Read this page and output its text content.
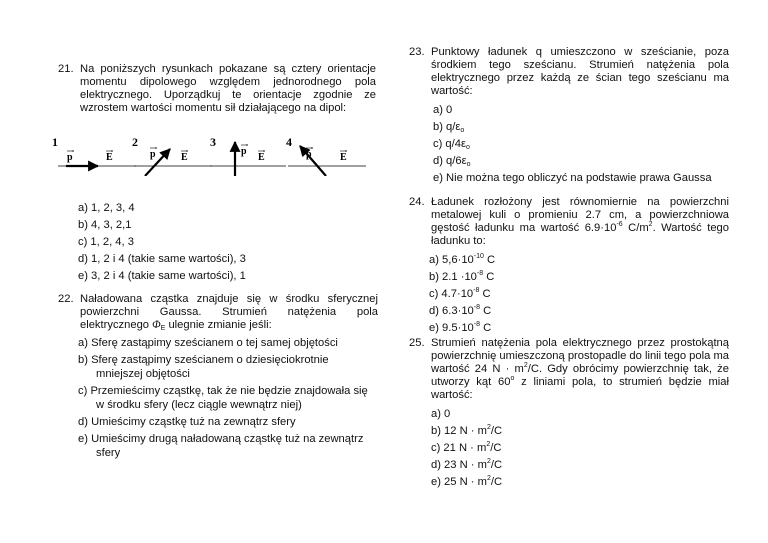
21. Na poniższych rysunkach pokazane są cztery orientacje momentu dipolowego względem jednorodnego pola elektrycznego. Uporządkuj te orientacje zgodnie ze wzrostem wartości momentu sił działającego na dipol:
1
p	E
2
p	E
3
p
E
4
p	E
a) 1, 2, 3, 4
b) 4, 3, 2,1
c) 1, 2, 4, 3
d) 1, 2 i 4 (takie same wartości), 3
e) 3, 2 i 4 (takie same wartości), 1
22. Naładowana cząstka znajduje się w środku sferycznej powierzchni Gaussa. Strumień natężenia pola elektrycznego $\Phi_E$ ulegnie zmianie jeśli:
a) Sferę zastąpimy sześcianem o tej samej objętości
b) Sferę zastąpimy sześcianem o dziesięciokrotnie
mniejszej objętości
c) Przemieścimy cząstkę, tak że nie będzie znajdowała się
w środku sfery (lecz ciągle wewnątrz niej)
d) Umieścimy cząstkę tuż na zewnątrz sfery
e) Umieścimy drugą naładowaną cząstkę tuż na zewnątrz
sfery
23. Punktowy ładunek q umieszczono w sześcianie, poza środkiem tego sześcianu. Strumień natężenia pola elektrycznego przez każdą ze ścian tego sześcianu ma wartość:
a) 0
b) $q/\varepsilon_o$
c) $q/4\varepsilon_o$
d) $q/6\varepsilon_o$
e) Nie można tego obliczyć na podstawie prawa Gaussa
24. Ładunek rozłożony jest równomiernie na powierzchni metalowej kuli o promieniu 2.7 cm, a powierzchniowa gęstość ładunku ma wartość $6.9\cdot 10^{-6}$ $C/m^2$. Wartość tego ładunku to:
a) $5,6\cdot 10^{-10}$ C
b) $2.1 \cdot 10^{-8}$ C
c) $4.7\cdot 10^{-8}$ C
d) $6.3\cdot 10^{-8}$ C
e) $9.5\cdot 10^{-8}$ C
25. Strumień natężenia pola elektrycznego przez prostokątną powierzchnię umieszczoną prostopadle do linii tego pola ma wartość 24 $N \cdot m^2/C$. Gdy obrócimy powierzchnię tak, że utworzy kąt 60$^o$ z liniami pola, to strumień będzie miał wartość:
a) 0
b) 12 $N \cdot m^2/C$
c) 21 $N \cdot m^2/C$
d) 23 $N \cdot m^2/C$
e) 25 $N \cdot m^2/C$
